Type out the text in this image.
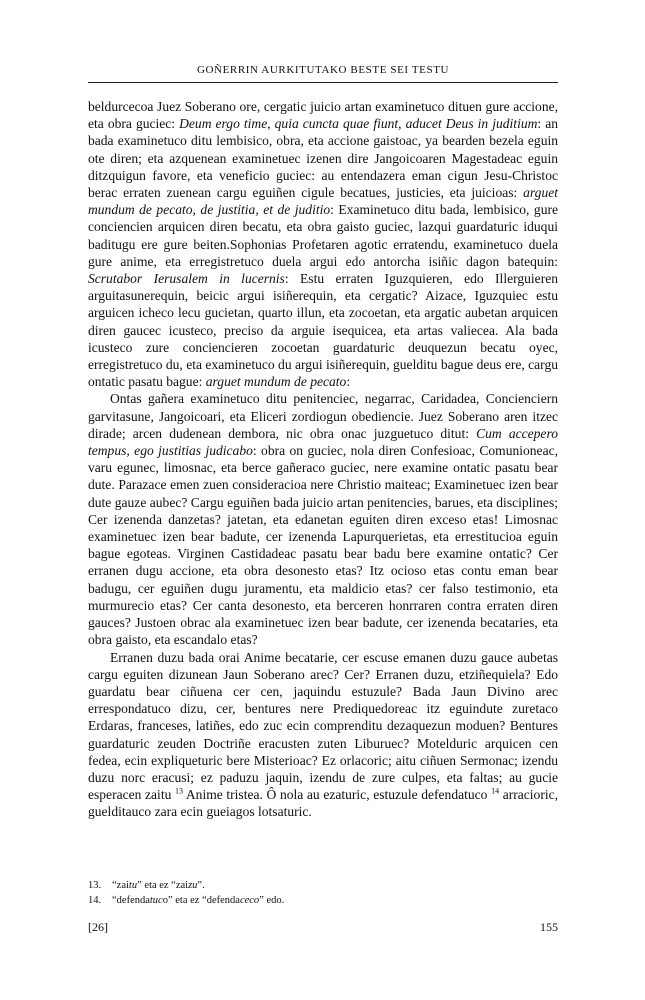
GOÑERRIN AURKITUTAKO BESTE SEI TESTU

beldurcecoa Juez Soberano ore, cergatic juicio artan examinetuco dituen gure accione, eta obra guciec: Deum ergo time, quia cuncta quae fiunt, aducet Deus in juditium: an bada examinetuco ditu lembisico, obra, eta accione gaistoac, ya bearden bezela eguin ote diren; eta azquenean examinetuec izenen dire Jangoicoaren Magestadeac eguin ditzquigun favore, eta veneficio guciec: au entendazera eman cigun Jesu-Christoc berac erraten zuenean cargu eguiñen cigule becatues, justicies, eta juicioas: arguet mundum de pecato, de justitia, et de juditio: Examinetuco ditu bada, lembisico, gure conciencien arquicen diren becatu, eta obra gaisto guciec, lazqui guardaturic iduqui baditugu ere gure beiten.Sophonias Profetaren agotic erratendu, examinetuco duela gure anime, eta erregistretuco duela argui edo antorcha isiñic dagon batequin: Scrutabor Ierusalem in lucernis: Estu erraten Iguzquieren, edo Illerguieren arguitasunerequin, beicic argui isiñerequin, eta cergatic? Aizace, Iguzquiec estu arguicen icheco lecu gucietan, quarto illun, eta zocoetan, eta argatic aubetan arquicen diren gaucec icusteco, preciso da arguie isequicea, eta artas valiecea. Ala bada icusteco zure conciencieren zocoetan guardaturic deuquezun becatu oyec, erregistretuco du, eta examinetuco du argui isiñerequin, guelditu bague deus ere, cargu ontatic pasatu bague: arguet mundum de pecato:

Ontas gañera examinetuco ditu penitenciec, negarrac, Caridadea, Concienciern garvitasune, Jangoicoari, eta Eliceri zordiogun obediencie. Juez Soberano aren itzec dirade; arcen dudenean dembora, nic obra onac juzguetuco ditut: Cum accepero tempus, ego justitias judicabo: obra on guciec, nola diren Confesioac, Comunioneac, varu egunec, limosnac, eta berce gañeraco guciec, nere examine ontatic pasatu bear dute. Parazace emen zuen consideracioa nere Christio maiteac; Examinetuec izen bear dute gauze aubec? Cargu eguiñen bada juicio artan penitencies, barues, eta disciplines; Cer izenenda danzetas? jatetan, eta edanetan eguiten diren exceso etas! Limosnac examinetuec izen bear badute, cer izenenda Lapurquerietas, eta errestitucioa eguin bague egoteas. Virginen Castidadeac pasatu bear badu bere examine ontatic? Cer erranen dugu accione, eta obra desonesto etas? Itz ocioso etas contu eman bear badugu, cer eguiñen dugu juramentu, eta maldicio etas? cer falso testimonio, eta murmurecio etas? Cer canta desonesto, eta berceren honrraren contra erraten diren gauces? Justoen obrac ala examinetuec izen bear badute, cer izenenda becataries, eta obra gaisto, eta escandalo etas?

Erranen duzu bada orai Anime becatarie, cer escuse emanen duzu gauce aubetas cargu eguiten dizunean Jaun Soberano arec? Cer? Erranen duzu, etziñequiela? Edo guardatu bear ciñuena cer cen, jaquindu estuzule? Bada Jaun Divino arec errespondatuco dizu, cer, bentures nere Prediquedoreac itz eguindute zuretaco Erdaras, franceses, latiñes, edo zuc ecin comprenditu dezaquezun moduen? Bentures guardaturic zeuden Doctriñe eracusten zuten Liburuec? Motelduric arquicen cen fedea, ecin expliqueturic bere Misterioac? Ez orlacoric; aitu ciñuen Sermonac; izendu duzu norc eracusi; ez paduzu jaquin, izendu de zure culpes, eta faltas; au gucie esperacen zaitu $^{13}$ Anime tristea. Ô nola au ezaturic, estuzule defendatuco $^{14}$ arracioric, guelditauco zara ecin gueiagos lotsaturic.

13.	“zaitu” eta ez “zaizu”.
14.	“defendatuco” eta ez “defendaceco” edo.
[26]	155
